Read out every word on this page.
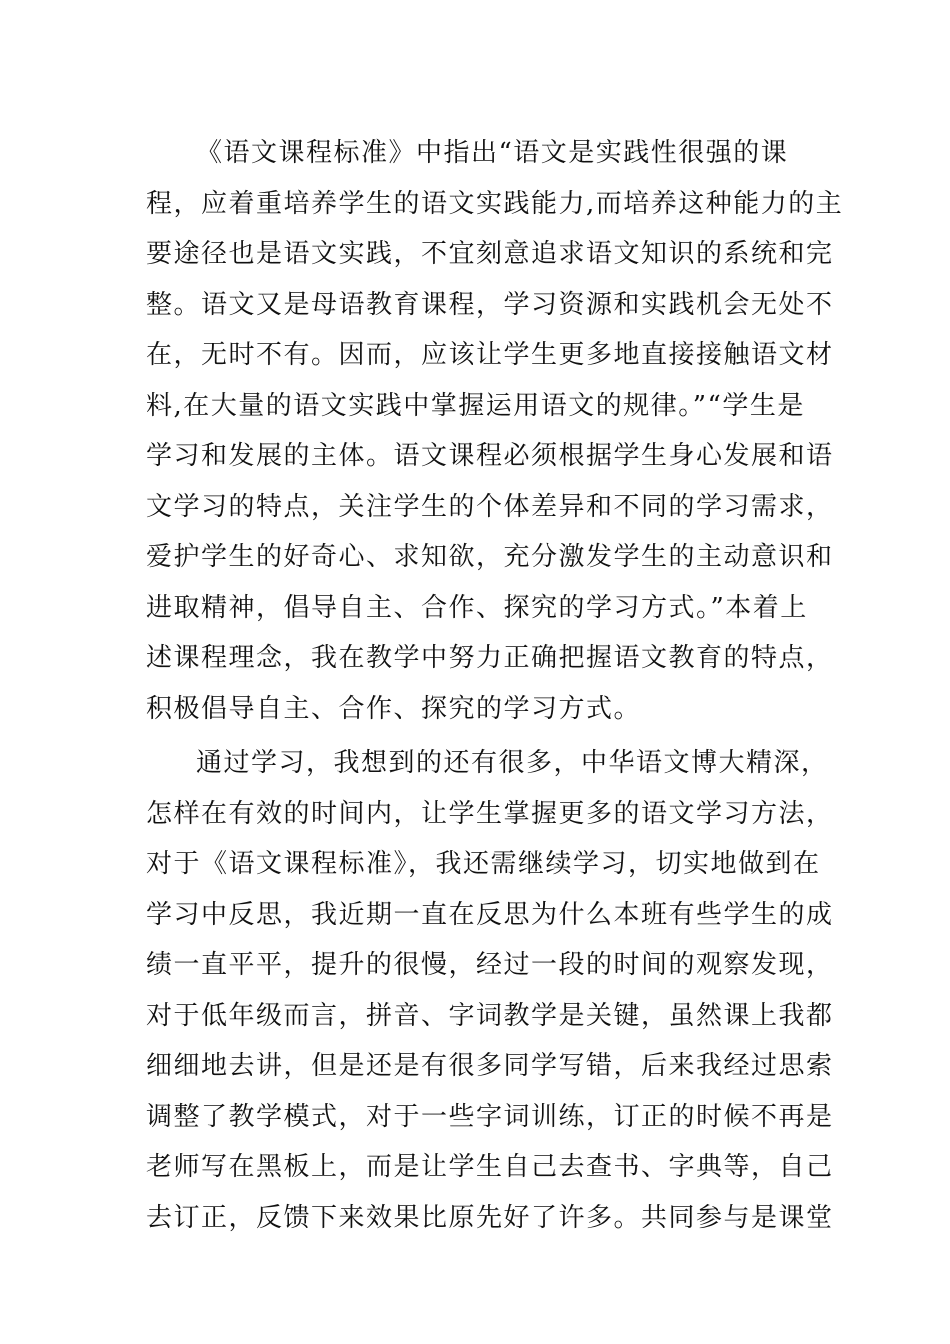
《语文课程标准》中指出“语文是实践性很强的课
程，应着重培养学生的语文实践能力,而培养这种能力的主
要途径也是语文实践，不宜刻意追求语文知识的系统和完
整。语文又是母语教育课程，学习资源和实践机会无处不
在，无时不有。因而，应该让学生更多地直接接触语文材
料,在大量的语文实践中掌握运用语文的规律。”“学生是
学习和发展的主体。语文课程必须根据学生身心发展和语
文学习的特点，关注学生的个体差异和不同的学习需求，
爱护学生的好奇心、求知欲，充分激发学生的主动意识和
进取精神，倡导自主、合作、探究的学习方式。”本着上
述课程理念，我在教学中努力正确把握语文教育的特点，
积极倡导自主、合作、探究的学习方式。
通过学习，我想到的还有很多，中华语文博大精深，
怎样在有效的时间内，让学生掌握更多的语文学习方法，
对于《语文课程标准》，我还需继续学习，切实地做到在
学习中反思，我近期一直在反思为什么本班有些学生的成
绩一直平平，提升的很慢，经过一段的时间的观察发现，
对于低年级而言，拼音、字词教学是关键，虽然课上我都
细细地去讲，但是还是有很多同学写错，后来我经过思索
调整了教学模式，对于一些字词训练，订正的时候不再是
老师写在黑板上，而是让学生自己去查书、字典等，自己
去订正，反馈下来效果比原先好了许多。共同参与是课堂
